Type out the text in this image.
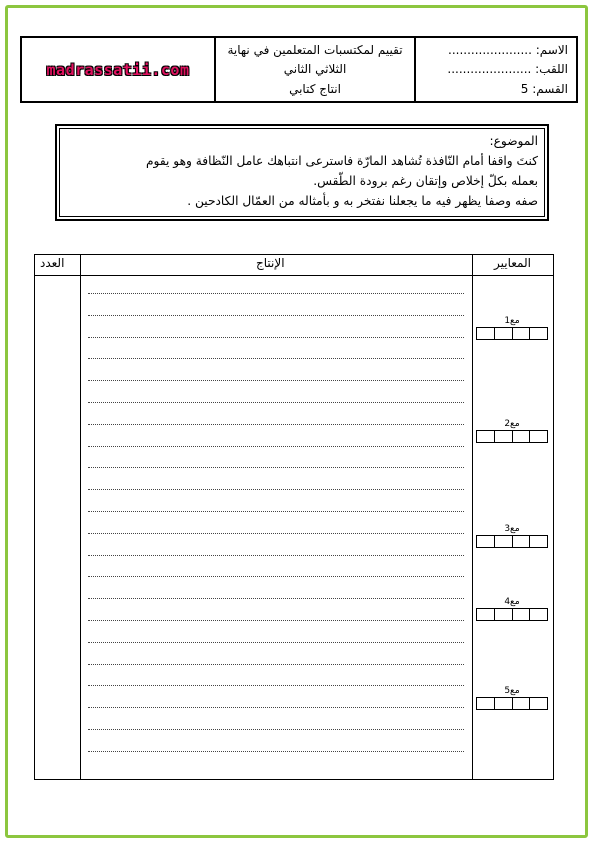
madrassatii.com
تقييم لمكتسبات المتعلمين في نهاية
الثلاثي الثاني
انتاج كتابي
الاسم: ......................
اللقب: ......................
القسم: 5

الموضوع:

كنتَ واقفا أمام النّافذة تُشاهد المارّة فاسترعى انتباهك عامل النّظافة وهو يقوم

بعمله بكلّ إخلاص وإتقان رغم برودة الطّقس.

صفه وصفا يظهر فيه ما يجعلنا نفتخر به و بأمثاله من العمّال الكادحين .

العدد	الإنتاج	المعايير
مع1
مع2
مع3
مع4
مع5
